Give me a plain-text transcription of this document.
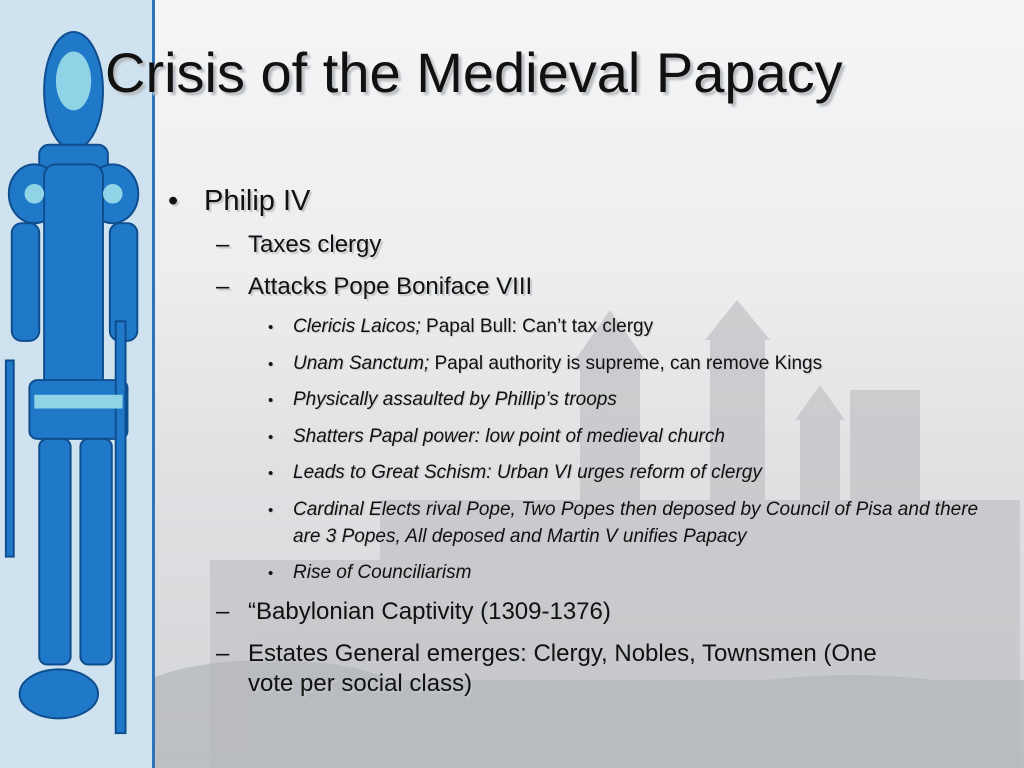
Crisis of the Medieval Papacy
• Philip IV
– Taxes clergy
– Attacks Pope Boniface VIII
• Clericis Laicos; Papal Bull: Can’t tax clergy
• Unam Sanctum; Papal authority is supreme, can remove Kings
• Physically assaulted by Phillip’s troops
• Shatters Papal power: low point of medieval church
• Leads to Great Schism: Urban VI urges reform of clergy
• Cardinal Elects rival Pope, Two Popes then deposed by Council of Pisa and there are 3 Popes, All deposed and Martin V unifies Papacy
• Rise of Counciliarism
– “Babylonian Captivity (1309-1376)
– Estates General emerges: Clergy, Nobles, Townsmen (One vote per social class)
